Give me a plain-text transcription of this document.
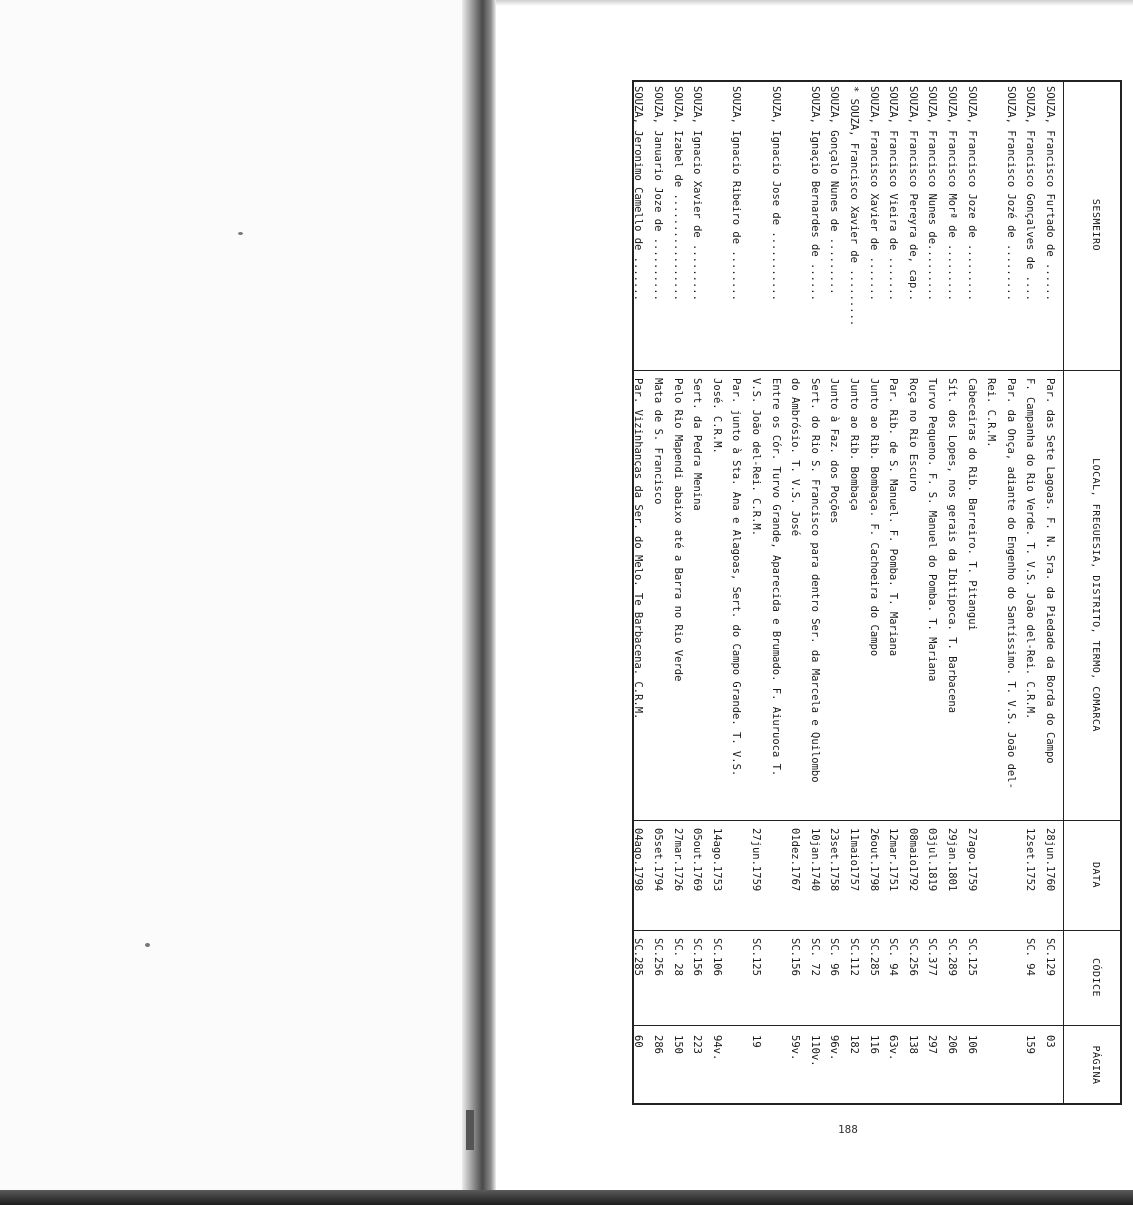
SESMEIRO
LOCAL, FREGUESIA, DISTRITO, TERMO, COMARCA
DATA
CÓDICE
PÁGINA
SOUZA, Francisco Furtado de ......
Par. das Sete Lagoas. F. N. Sra. da Piedade da Borda do Campo
28jun.1760
SC.129
03
SOUZA, Francisco Gonçalves de ....
F. Campanha do Rio Verde. T. V.S. João del-Rei. C.R.M.
12set.1752
SC. 94
159
SOUZA, Francisco Jozé de .........
Par. da Onça, adiante do Engenho do Santíssimo. T. V.S. João del-
Rei. C.R.M.
SOUZA, Francisco Joze de .........
Cabeceiras do Rib. Barreiro. T. Pitangui
27ago.1759
SC.125
106
SOUZA, Francisco Morª de .........
Sít. dos Lopes, nos gerais da Ibitipoca. T. Barbacena
29jan.1801
SC.289
206
SOUZA, Francisco Nunes de.........
Turvo Pequeno. F. S. Manuel do Pomba. T. Mariana
03jul.1819
SC.377
297
SOUZA, Francisco Pereyra de, cap..
Roça no Rio Escuro
08maio1792
SC.256
138
SOUZA, Francisco Vieira de .......
Par. Rib. de S. Manuel. F. Pomba. T. Mariana
12mar.1751
SC. 94
63v.
SOUZA, Francisco Xavier de .......
Junto ao Rib. Bombaça. F. Cachoeira do Campo
26out.1798
SC.285
116
* SOUZA, Francisco Xavier de .........
Junto ao Rib. Bombaça
11maio1757
SC.112
182
SOUZA, Gonçalo Nunes de .........
Junto à Faz. dos Poções
23set.1758
SC. 96
96v.
SOUZA, Ignaçio Bernardes de ......
Sert. do Rio S. Francisco para dentro Ser. da Marcela e Quilombo
10jan.1740
SC. 72
110v.
do Ambrósio. T. V.S. José
01dez.1767
SC.156
59v.
SOUZA, Ignacio Jose de ...........
Entre os Cór. Turvo Grande, Aparecida e Brumado. F. Aiuruoca T.
V.S. João del-Rei. C.R.M.
27jun.1759
SC.125
19
SOUZA, Ignacio Ribeiro de ........
Par. junto à Sta. Ana e Alagoas, Sert. do Campo Grande. T. V.S.
José. C.R.M.
14ago.1753
SC.106
94v.
SOUZA, Ignacio Xavier de .........
Sert. da Pedra Menina
05out.1769
SC.156
223
SOUZA, Izabel de .................
Pelo Rio Mapendi abaixo até a Barra no Rio Verde
27mar.1726
SC. 28
150
SOUZA, Januario Joze de ..........
Mata de S. Francisco
05set.1794
SC.256
286
SOUZA, Jeronimo Camello de .......
Par. Vizinhanças da Ser. do Melo. Te Barbacena. C.R.M.
04ago.1798
SC.285
60
188
